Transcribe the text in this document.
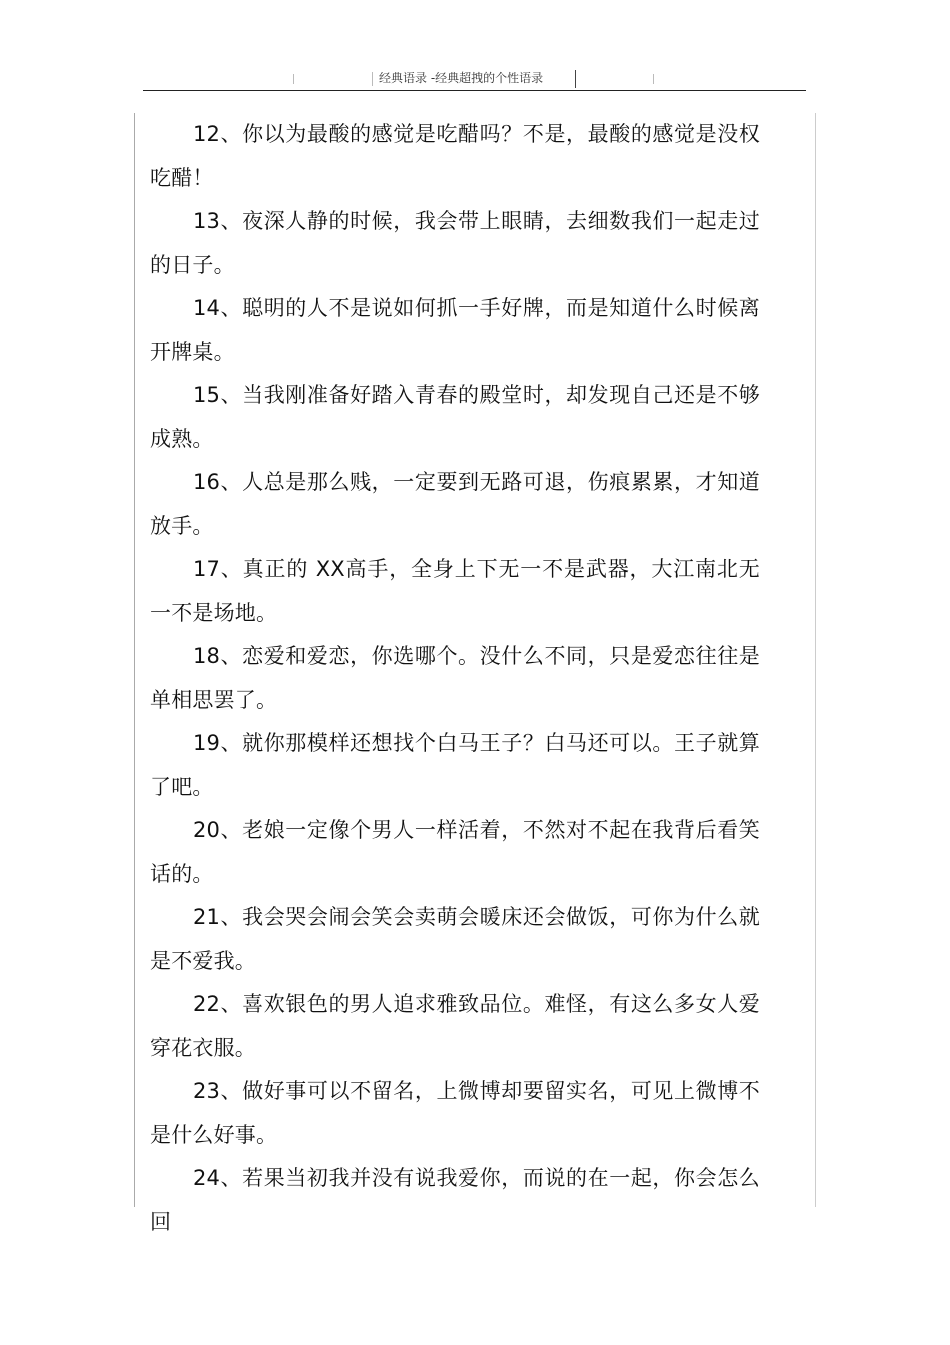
经典语录 -经典超拽的个性语录

12、你以为最酸的感觉是吃醋吗？不是，最酸的感觉是没权吃醋！

13、夜深人静的时候，我会带上眼睛，去细数我们一起走过的日子。

14、聪明的人不是说如何抓一手好牌，而是知道什么时候离开牌桌。

15、当我刚准备好踏入青春的殿堂时，却发现自己还是不够成熟。

16、人总是那么贱，一定要到无路可退，伤痕累累，才知道放手。

17、真正的 XX高手，全身上下无一不是武器，大江南北无一不是场地。

18、恋爱和爱恋，你选哪个。没什么不同，只是爱恋往往是单相思罢了。

19、就你那模样还想找个白马王子？白马还可以。王子就算了吧。

20、老娘一定像个男人一样活着，不然对不起在我背后看笑话的。

21、我会哭会闹会笑会卖萌会暖床还会做饭，可你为什么就是不爱我。

22、喜欢银色的男人追求雅致品位。难怪，有这么多女人爱穿花衣服。

23、做好事可以不留名，上微博却要留实名，可见上微博不是什么好事。

24、若果当初我并没有说我爱你，而说的在一起，你会怎么回
